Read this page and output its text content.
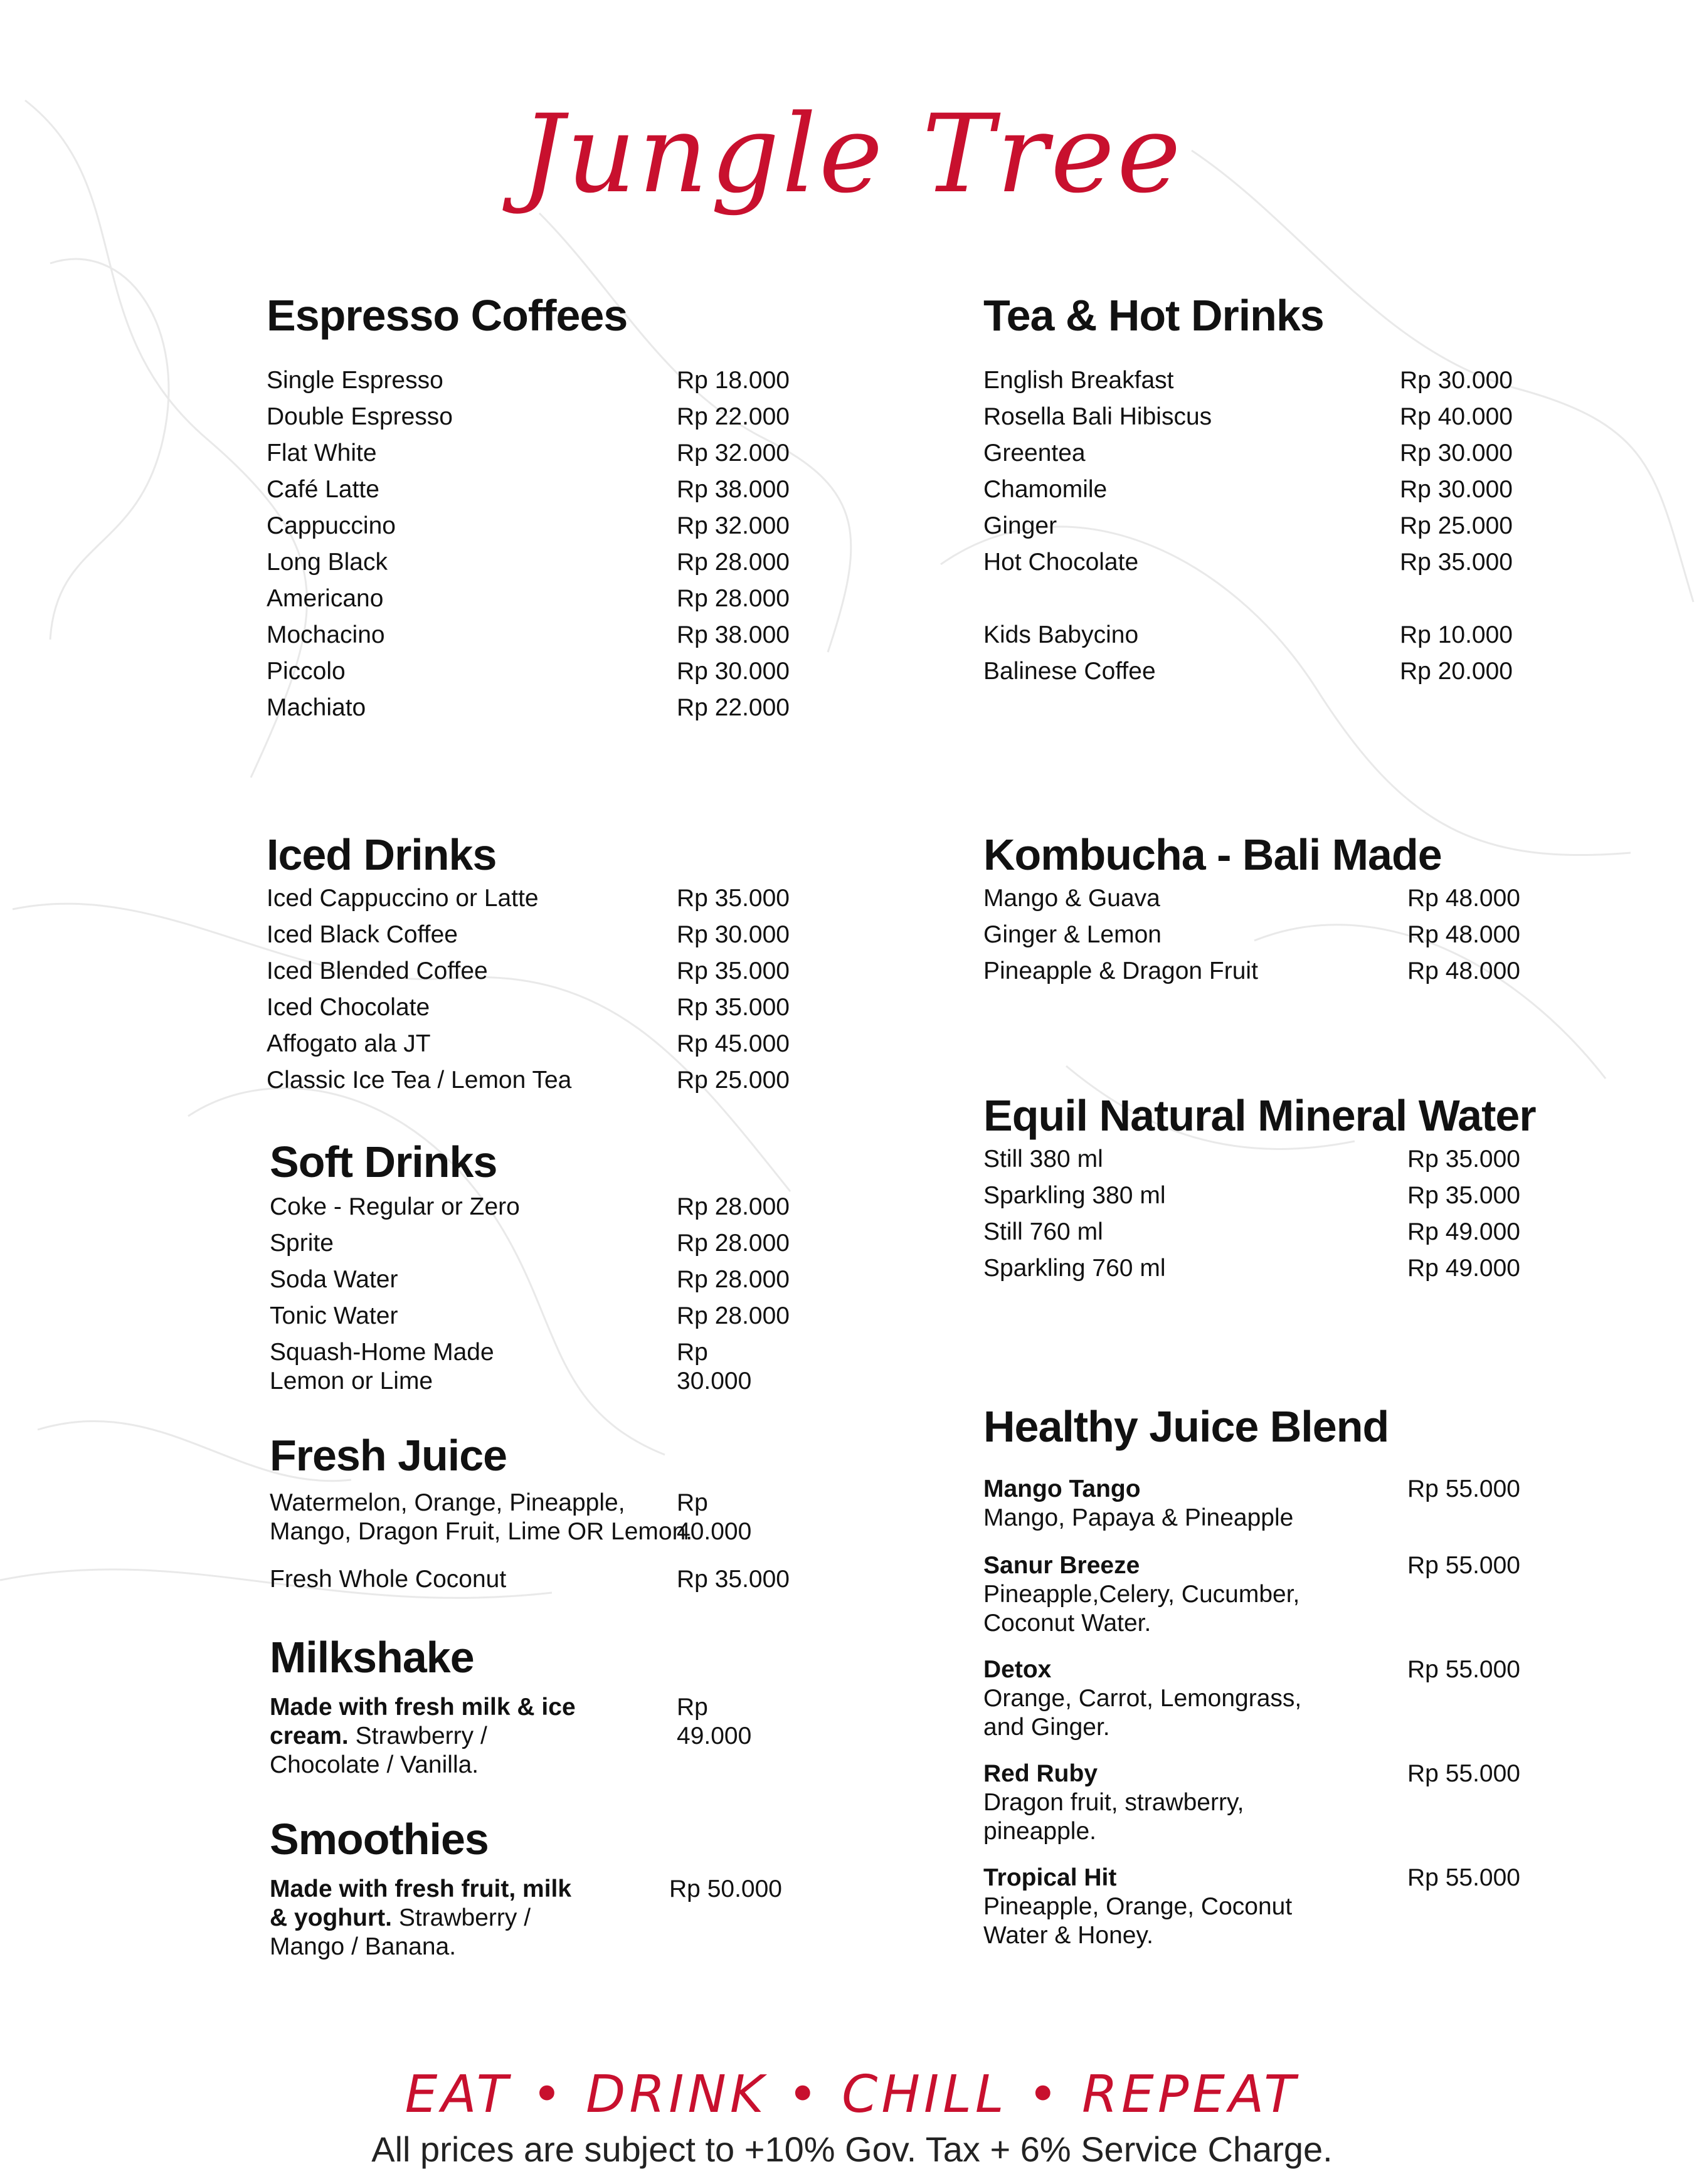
Jungle Tree
Espresso Coffees
Single Espresso	Rp 18.000
Double Espresso	Rp 22.000
Flat White	Rp 32.000
Café Latte	Rp 38.000
Cappuccino	Rp 32.000
Long Black	Rp 28.000
Americano	Rp 28.000
Mochacino	Rp 38.000
Piccolo	Rp 30.000
Machiato	Rp 22.000
Tea & Hot Drinks
English Breakfast	Rp 30.000
Rosella Bali Hibiscus	Rp 40.000
Greentea	Rp 30.000
Chamomile	Rp 30.000
Ginger	Rp 25.000
Hot Chocolate	Rp 35.000
Kids Babycino	Rp 10.000
Balinese Coffee	Rp 20.000
Iced Drinks
Iced Cappuccino or Latte	Rp 35.000
Iced Black Coffee	Rp 30.000
Iced Blended Coffee	Rp 35.000
Iced Chocolate	Rp 35.000
Affogato ala JT	Rp 45.000
Classic Ice Tea / Lemon Tea	Rp 25.000
Kombucha - Bali Made
Mango & Guava	Rp 48.000
Ginger & Lemon	Rp 48.000
Pineapple & Dragon Fruit	Rp 48.000
Soft Drinks
Coke - Regular or Zero	Rp 28.000
Sprite	Rp 28.000
Soda Water	Rp 28.000
Tonic Water	Rp 28.000
Squash-Home Made
Lemon or Lime
Rp 30.000
Equil Natural Mineral Water
Still 380 ml	Rp 35.000
Sparkling 380 ml	Rp 35.000
Still 760 ml	Rp 49.000
Sparkling 760 ml	Rp 49.000
Fresh Juice
Watermelon, Orange, Pineapple,
Mango, Dragon Fruit, Lime OR Lemon.
Rp 40.000
Fresh Whole Coconut	Rp 35.000
Milkshake
Made with fresh milk & ice cream. Strawberry / Chocolate / Vanilla.
Rp 49.000
Smoothies
Made with fresh fruit, milk & yoghurt. Strawberry / Mango / Banana.
Rp 50.000
Healthy Juice Blend
Mango Tango
Mango, Papaya & Pineapple
Rp 55.000
Sanur Breeze
Pineapple,Celery, Cucumber, Coconut Water.
Rp 55.000
Detox
Orange, Carrot, Lemongrass, and Ginger.
Rp 55.000
Red Ruby
Dragon fruit, strawberry, pineapple.
Rp 55.000
Tropical Hit
Pineapple, Orange, Coconut Water & Honey.
Rp 55.000
EAT • DRINK • CHILL • REPEAT
All prices are subject to +10% Gov. Tax + 6% Service Charge.
